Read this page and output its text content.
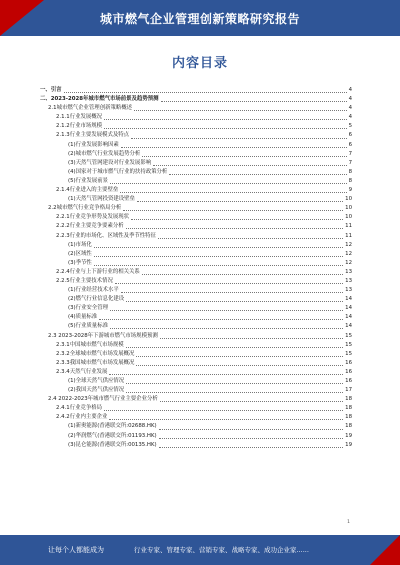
城市燃气企业管理创新策略研究报告
内容目录
一、引言	4
二、2023-2028年城市燃气市场前景及趋势预测	4
2.1城市燃气企业管理创新策略概述	4
2.1.1行业发展概况	4
2.1.2行业市场规模	5
2.1.3行业主要发展模式及特点	6
(1)行业发展影响因素	6
(2)城市燃气行业发展趋势分析	7
(3)天然气管网建设对行业发展影响	7
(4)国家对于城市燃气行业的扶持政策分析	8
(5)行业发展前景	8
2.1.4行业进入的主要壁垒	9
(1)天然气管网投资建设壁垒	10
2.2城市燃气行业竞争格局分析	10
2.2.1行业竞争形势及发展现状	10
2.2.2行业主要竞争要素分析	11
2.2.3行业的市场化、区域性及季节性特征	11
(1)市场化	12
(2)区域性	12
(3)季节性	12
2.2.4行业与上下游行业的相关关系	13
2.2.5行业主要技术情况	13
(1)行业经营技术水平	13
(2)燃气行业信息化建设	14
(3)行业安全管理	14
(4)质量标准	14
(5)行业质量标准	14
2.3 2023-2028年下游城市燃气市场规模预测	15
2.3.1中国城市燃气市场规模	15
2.3.2全球城市燃气市场发展概况	15
2.3.3我国城市燃气市场发展概况	16
2.3.4天然气行业发展	16
(1)全球天然气供应情况	16
(2)我国天然气供应情况	17
2.4 2022-2023年城市燃气行业主要企业分析	18
2.4.1行业竞争格局	18
2.4.2行业内主要企业	18
(1)新奥能源(香港联交所:02688.HK)	18
(2)华润燃气(香港联交所:01193.HK)	19
(3)昆仑能源(香港联交所:00135.HK)	19
1
让每个人都能成为	行业专家、管理专家、营销专家、战略专家、成功企业家......
